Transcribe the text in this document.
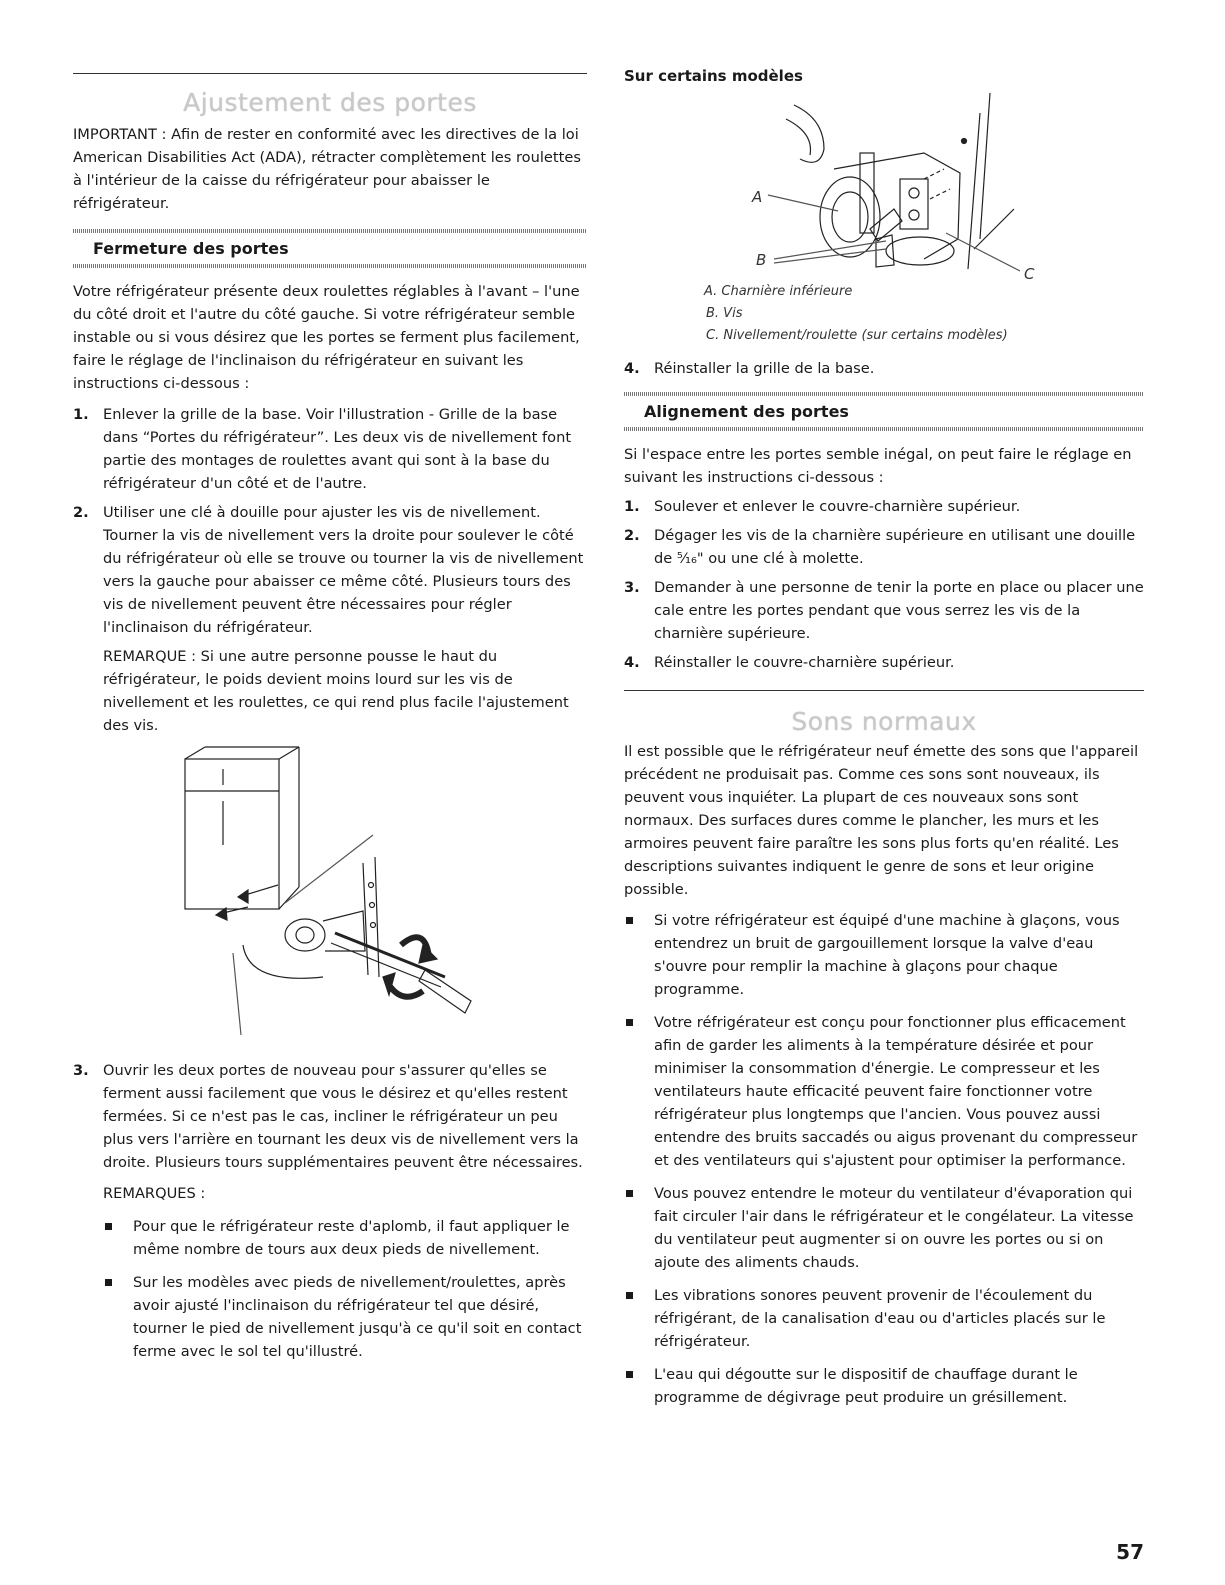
Ajustement des portes

IMPORTANT : Afin de rester en conformité avec les directives de la loi American Disabilities Act (ADA), rétracter complètement les roulettes à l'intérieur de la caisse du réfrigérateur pour abaisser le réfrigérateur.

Fermeture des portes

Votre réfrigérateur présente deux roulettes réglables à l'avant – l'une du côté droit et l'autre du côté gauche. Si votre réfrigérateur semble instable ou si vous désirez que les portes se ferment plus facilement, faire le réglage de l'inclinaison du réfrigérateur en suivant les instructions ci-dessous :

1. Enlever la grille de la base. Voir l'illustration - Grille de la base dans “Portes du réfrigérateur”. Les deux vis de nivellement font partie des montages de roulettes avant qui sont à la base du réfrigérateur d'un côté et de l'autre.
2. Utiliser une clé à douille pour ajuster les vis de nivellement. Tourner la vis de nivellement vers la droite pour soulever le côté du réfrigérateur où elle se trouve ou tourner la vis de nivellement vers la gauche pour abaisser ce même côté. Plusieurs tours des vis de nivellement peuvent être nécessaires pour régler l'inclinaison du réfrigérateur.

REMARQUE : Si une autre personne pousse le haut du réfrigérateur, le poids devient moins lourd sur les vis de nivellement et les roulettes, ce qui rend plus facile l'ajustement des vis.

3. Ouvrir les deux portes de nouveau pour s'assurer qu'elles se ferment aussi facilement que vous le désirez et qu'elles restent fermées. Si ce n'est pas le cas, incliner le réfrigérateur un peu plus vers l'arrière en tournant les deux vis de nivellement vers la droite. Plusieurs tours supplémentaires peuvent être nécessaires.

REMARQUES :

Pour que le réfrigérateur reste d'aplomb, il faut appliquer le même nombre de tours aux deux pieds de nivellement.
Sur les modèles avec pieds de nivellement/roulettes, après avoir ajusté l'inclinaison du réfrigérateur tel que désiré, tourner le pied de nivellement jusqu'à ce qu'il soit en contact ferme avec le sol tel qu'illustré.
Sur certains modèles
A
B
C
A. Charnière inférieure
B. Vis
C. Nivellement/roulette (sur certains modèles)
4. Réinstaller la grille de la base.
Alignement des portes

Si l'espace entre les portes semble inégal, on peut faire le réglage en suivant les instructions ci-dessous :

1. Soulever et enlever le couvre-charnière supérieur.
2. Dégager les vis de la charnière supérieure en utilisant une douille de ⁵⁄₁₆" ou une clé à molette.
3. Demander à une personne de tenir la porte en place ou placer une cale entre les portes pendant que vous serrez les vis de la charnière supérieure.
4. Réinstaller le couvre-charnière supérieur.
Sons normaux

Il est possible que le réfrigérateur neuf émette des sons que l'appareil précédent ne produisait pas. Comme ces sons sont nouveaux, ils peuvent vous inquiéter. La plupart de ces nouveaux sons sont normaux. Des surfaces dures comme le plancher, les murs et les armoires peuvent faire paraître les sons plus forts qu'en réalité. Les descriptions suivantes indiquent le genre de sons et leur origine possible.

Si votre réfrigérateur est équipé d'une machine à glaçons, vous entendrez un bruit de gargouillement lorsque la valve d'eau s'ouvre pour remplir la machine à glaçons pour chaque programme.
Votre réfrigérateur est conçu pour fonctionner plus efficacement afin de garder les aliments à la température désirée et pour minimiser la consommation d'énergie. Le compresseur et les ventilateurs haute efficacité peuvent faire fonctionner votre réfrigérateur plus longtemps que l'ancien. Vous pouvez aussi entendre des bruits saccadés ou aigus provenant du compresseur et des ventilateurs qui s'ajustent pour optimiser la performance.
Vous pouvez entendre le moteur du ventilateur d'évaporation qui fait circuler l'air dans le réfrigérateur et le congélateur. La vitesse du ventilateur peut augmenter si on ouvre les portes ou si on ajoute des aliments chauds.
Les vibrations sonores peuvent provenir de l'écoulement du réfrigérant, de la canalisation d'eau ou d'articles placés sur le réfrigérateur.
L'eau qui dégoutte sur le dispositif de chauffage durant le programme de dégivrage peut produire un grésillement.
57
